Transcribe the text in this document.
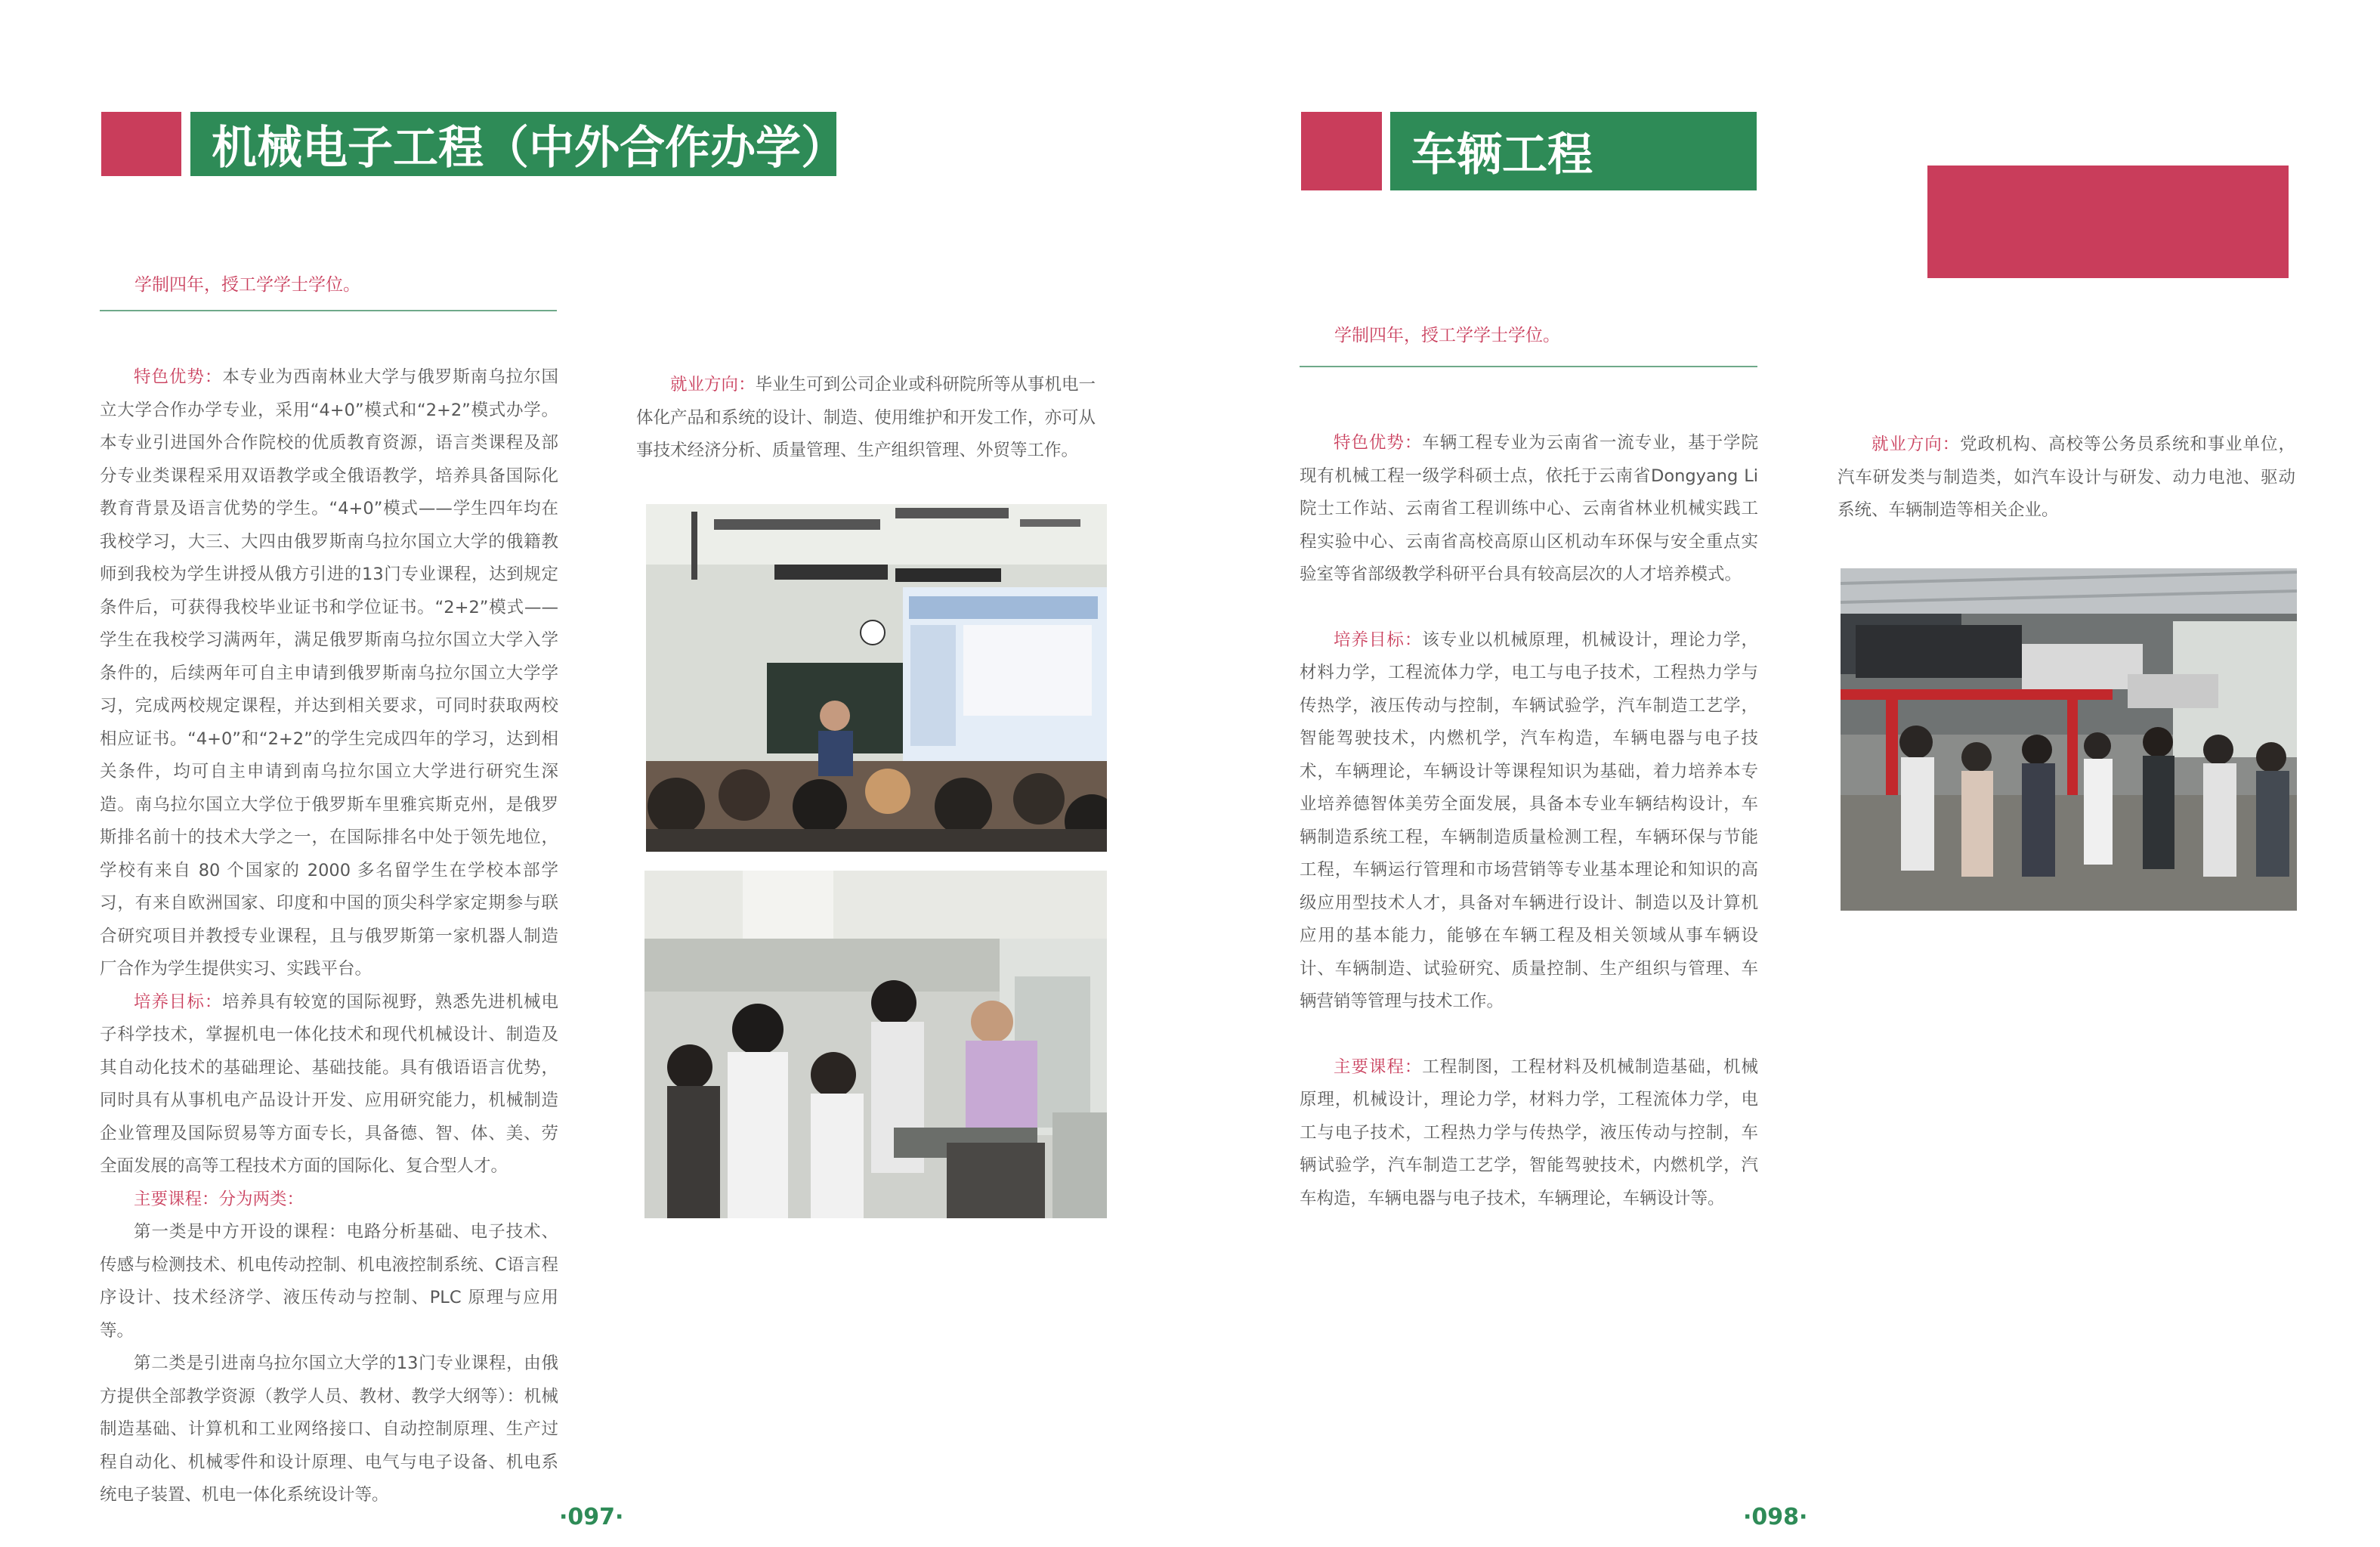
机械电子工程（中外合作办学）
学制四年，授工学学士学位。

特色优势：本专业为西南林业大学与俄罗斯南乌拉尔国立大学合作办学专业，采用“4+0”模式和“2+2”模式办学。本专业引进国外合作院校的优质教育资源，语言类课程及部分专业类课程采用双语教学或全俄语教学，培养具备国际化教育背景及语言优势的学生。“4+0”模式——学生四年均在我校学习，大三、大四由俄罗斯南乌拉尔国立大学的俄籍教师到我校为学生讲授从俄方引进的13门专业课程，达到规定条件后，可获得我校毕业证书和学位证书。“2+2”模式——学生在我校学习满两年，满足俄罗斯南乌拉尔国立大学入学条件的，后续两年可自主申请到俄罗斯南乌拉尔国立大学学习，完成两校规定课程，并达到相关要求，可同时获取两校相应证书。“4+0”和“2+2”的学生完成四年的学习，达到相关条件，均可自主申请到南乌拉尔国立大学进行研究生深造。南乌拉尔国立大学位于俄罗斯车里雅宾斯克州，是俄罗斯排名前十的技术大学之一，在国际排名中处于领先地位，学校有来自 80 个国家的 2000 多名留学生在学校本部学习，有来自欧洲国家、印度和中国的顶尖科学家定期参与联合研究项目并教授专业课程，且与俄罗斯第一家机器人制造厂合作为学生提供实习、实践平台。

培养目标：培养具有较宽的国际视野，熟悉先进机械电子科学技术，掌握机电一体化技术和现代机械设计、制造及其自动化技术的基础理论、基础技能。具有俄语语言优势，同时具有从事机电产品设计开发、应用研究能力，机械制造企业管理及国际贸易等方面专长，具备德、智、体、美、劳全面发展的高等工程技术方面的国际化、复合型人才。

主要课程：分为两类：

第一类是中方开设的课程：电路分析基础、电子技术、传感与检测技术、机电传动控制、机电液控制系统、C语言程序设计、技术经济学、液压传动与控制、PLC 原理与应用等。

第二类是引进南乌拉尔国立大学的13门专业课程，由俄方提供全部教学资源（教学人员、教材、教学大纲等）：机械制造基础、计算机和工业网络接口、自动控制原理、生产过程自动化、机械零件和设计原理、电气与电子设备、机电系统电子装置、机电一体化系统设计等。

就业方向：毕业生可到公司企业或科研院所等从事机电一体化产品和系统的设计、制造、使用维护和开发工作，亦可从事技术经济分析、质量管理、生产组织管理、外贸等工作。

·097·
车辆工程
学制四年，授工学学士学位。

特色优势：车辆工程专业为云南省一流专业，基于学院现有机械工程一级学科硕士点，依托于云南省Dongyang Li院士工作站、云南省工程训练中心、云南省林业机械实践工程实验中心、云南省高校高原山区机动车环保与安全重点实验室等省部级教学科研平台具有较高层次的人才培养模式。

培养目标：该专业以机械原理，机械设计，理论力学，材料力学，工程流体力学，电工与电子技术，工程热力学与传热学，液压传动与控制，车辆试验学，汽车制造工艺学，智能驾驶技术，内燃机学，汽车构造，车辆电器与电子技术，车辆理论，车辆设计等课程知识为基础，着力培养本专业培养德智体美劳全面发展，具备本专业车辆结构设计，车辆制造系统工程，车辆制造质量检测工程，车辆环保与节能工程，车辆运行管理和市场营销等专业基本理论和知识的高级应用型技术人才，具备对车辆进行设计、制造以及计算机应用的基本能力，能够在车辆工程及相关领域从事车辆设计、车辆制造、试验研究、质量控制、生产组织与管理、车辆营销等管理与技术工作。

主要课程：工程制图，工程材料及机械制造基础，机械原理，机械设计，理论力学，材料力学，工程流体力学，电工与电子技术，工程热力学与传热学，液压传动与控制，车辆试验学，汽车制造工艺学，智能驾驶技术，内燃机学，汽车构造，车辆电器与电子技术，车辆理论，车辆设计等。

就业方向：党政机构、高校等公务员系统和事业单位，汽车研发类与制造类，如汽车设计与研发、动力电池、驱动系统、车辆制造等相关企业。

·098·
